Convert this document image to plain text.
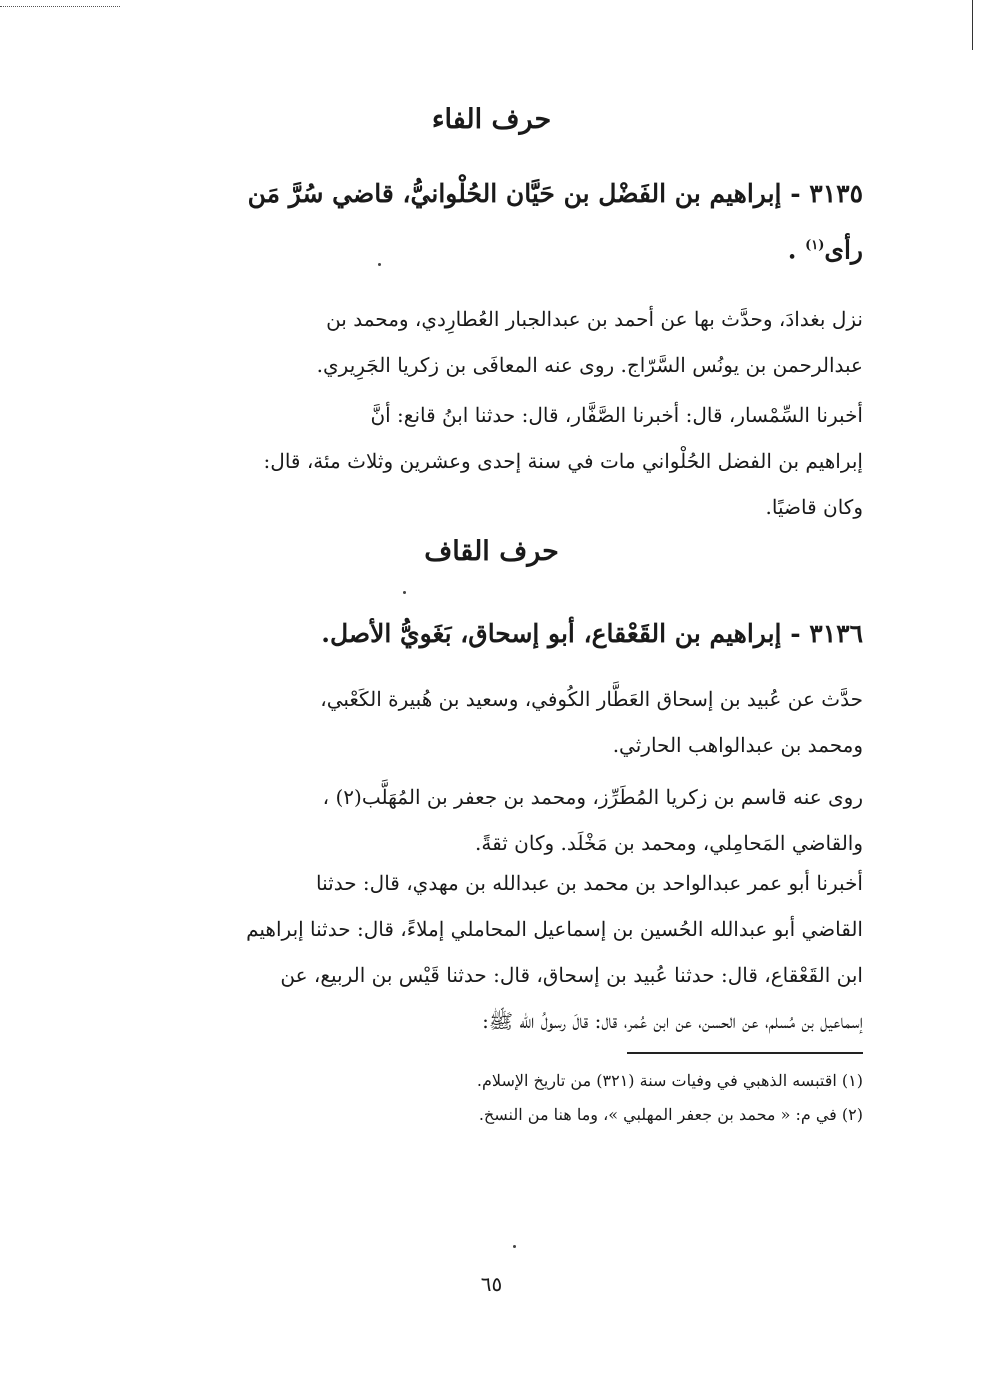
حرف الفاء
٣١٣٥ - إبراهيم بن الفَضْل بن حَيَّان الحُلْوانيُّ، قاضي سُرَّ مَن
رأى$^{(١)}$ .
نزل بغدادَ، وحدَّث بها عن أحمد بن عبدالجبار العُطارِدي، ومحمد بن
عبدالرحمن بن يونُس السَّرّاج. روى عنه المعافَى بن زكريا الجَرِيري.
أخبرنا السِّمْسار، قال: أخبرنا الصَّفَّار، قال: حدثنا ابنُ قانع: أنَّ
إبراهيم بن الفضل الحُلْواني مات في سنة إحدى وعشرين وثلاث مئة، قال:
وكان قاضيًا.
حرف القاف
٣١٣٦ - إبراهيم بن القَعْقاع، أبو إسحاق، بَغَويُّ الأصل.
حدَّث عن عُبيد بن إسحاق العَطَّار الكُوفي، وسعيد بن هُبيرة الكَعْبي،
ومحمد بن عبدالواهب الحارثي.
روى عنه قاسم بن زكريا المُطَرِّز، ومحمد بن جعفر بن المُهَلَّب(٢) ،
والقاضي المَحامِلي، ومحمد بن مَخْلَد. وكان ثقةً.
أخبرنا أبو عمر عبدالواحد بن محمد بن عبدالله بن مهدي، قال: حدثنا
القاضي أبو عبدالله الحُسين بن إسماعيل المحاملي إملاءً، قال: حدثنا إبراهيم
ابن القَعْقاع، قال: حدثنا عُبيد بن إسحاق، قال: حدثنا قَيْس بن الربيع، عن
إسماعيل بن مُسلم، عن الحسن، عن ابن عُمر، قال: قالَ رسولُ الله ﷺ:
(١) اقتبسه الذهبي في وفيات سنة (٣٢١) من تاريخ الإسلام.
(٢) في م: « محمد بن جعفر المهلبي »، وما هنا من النسخ.
٦٥
